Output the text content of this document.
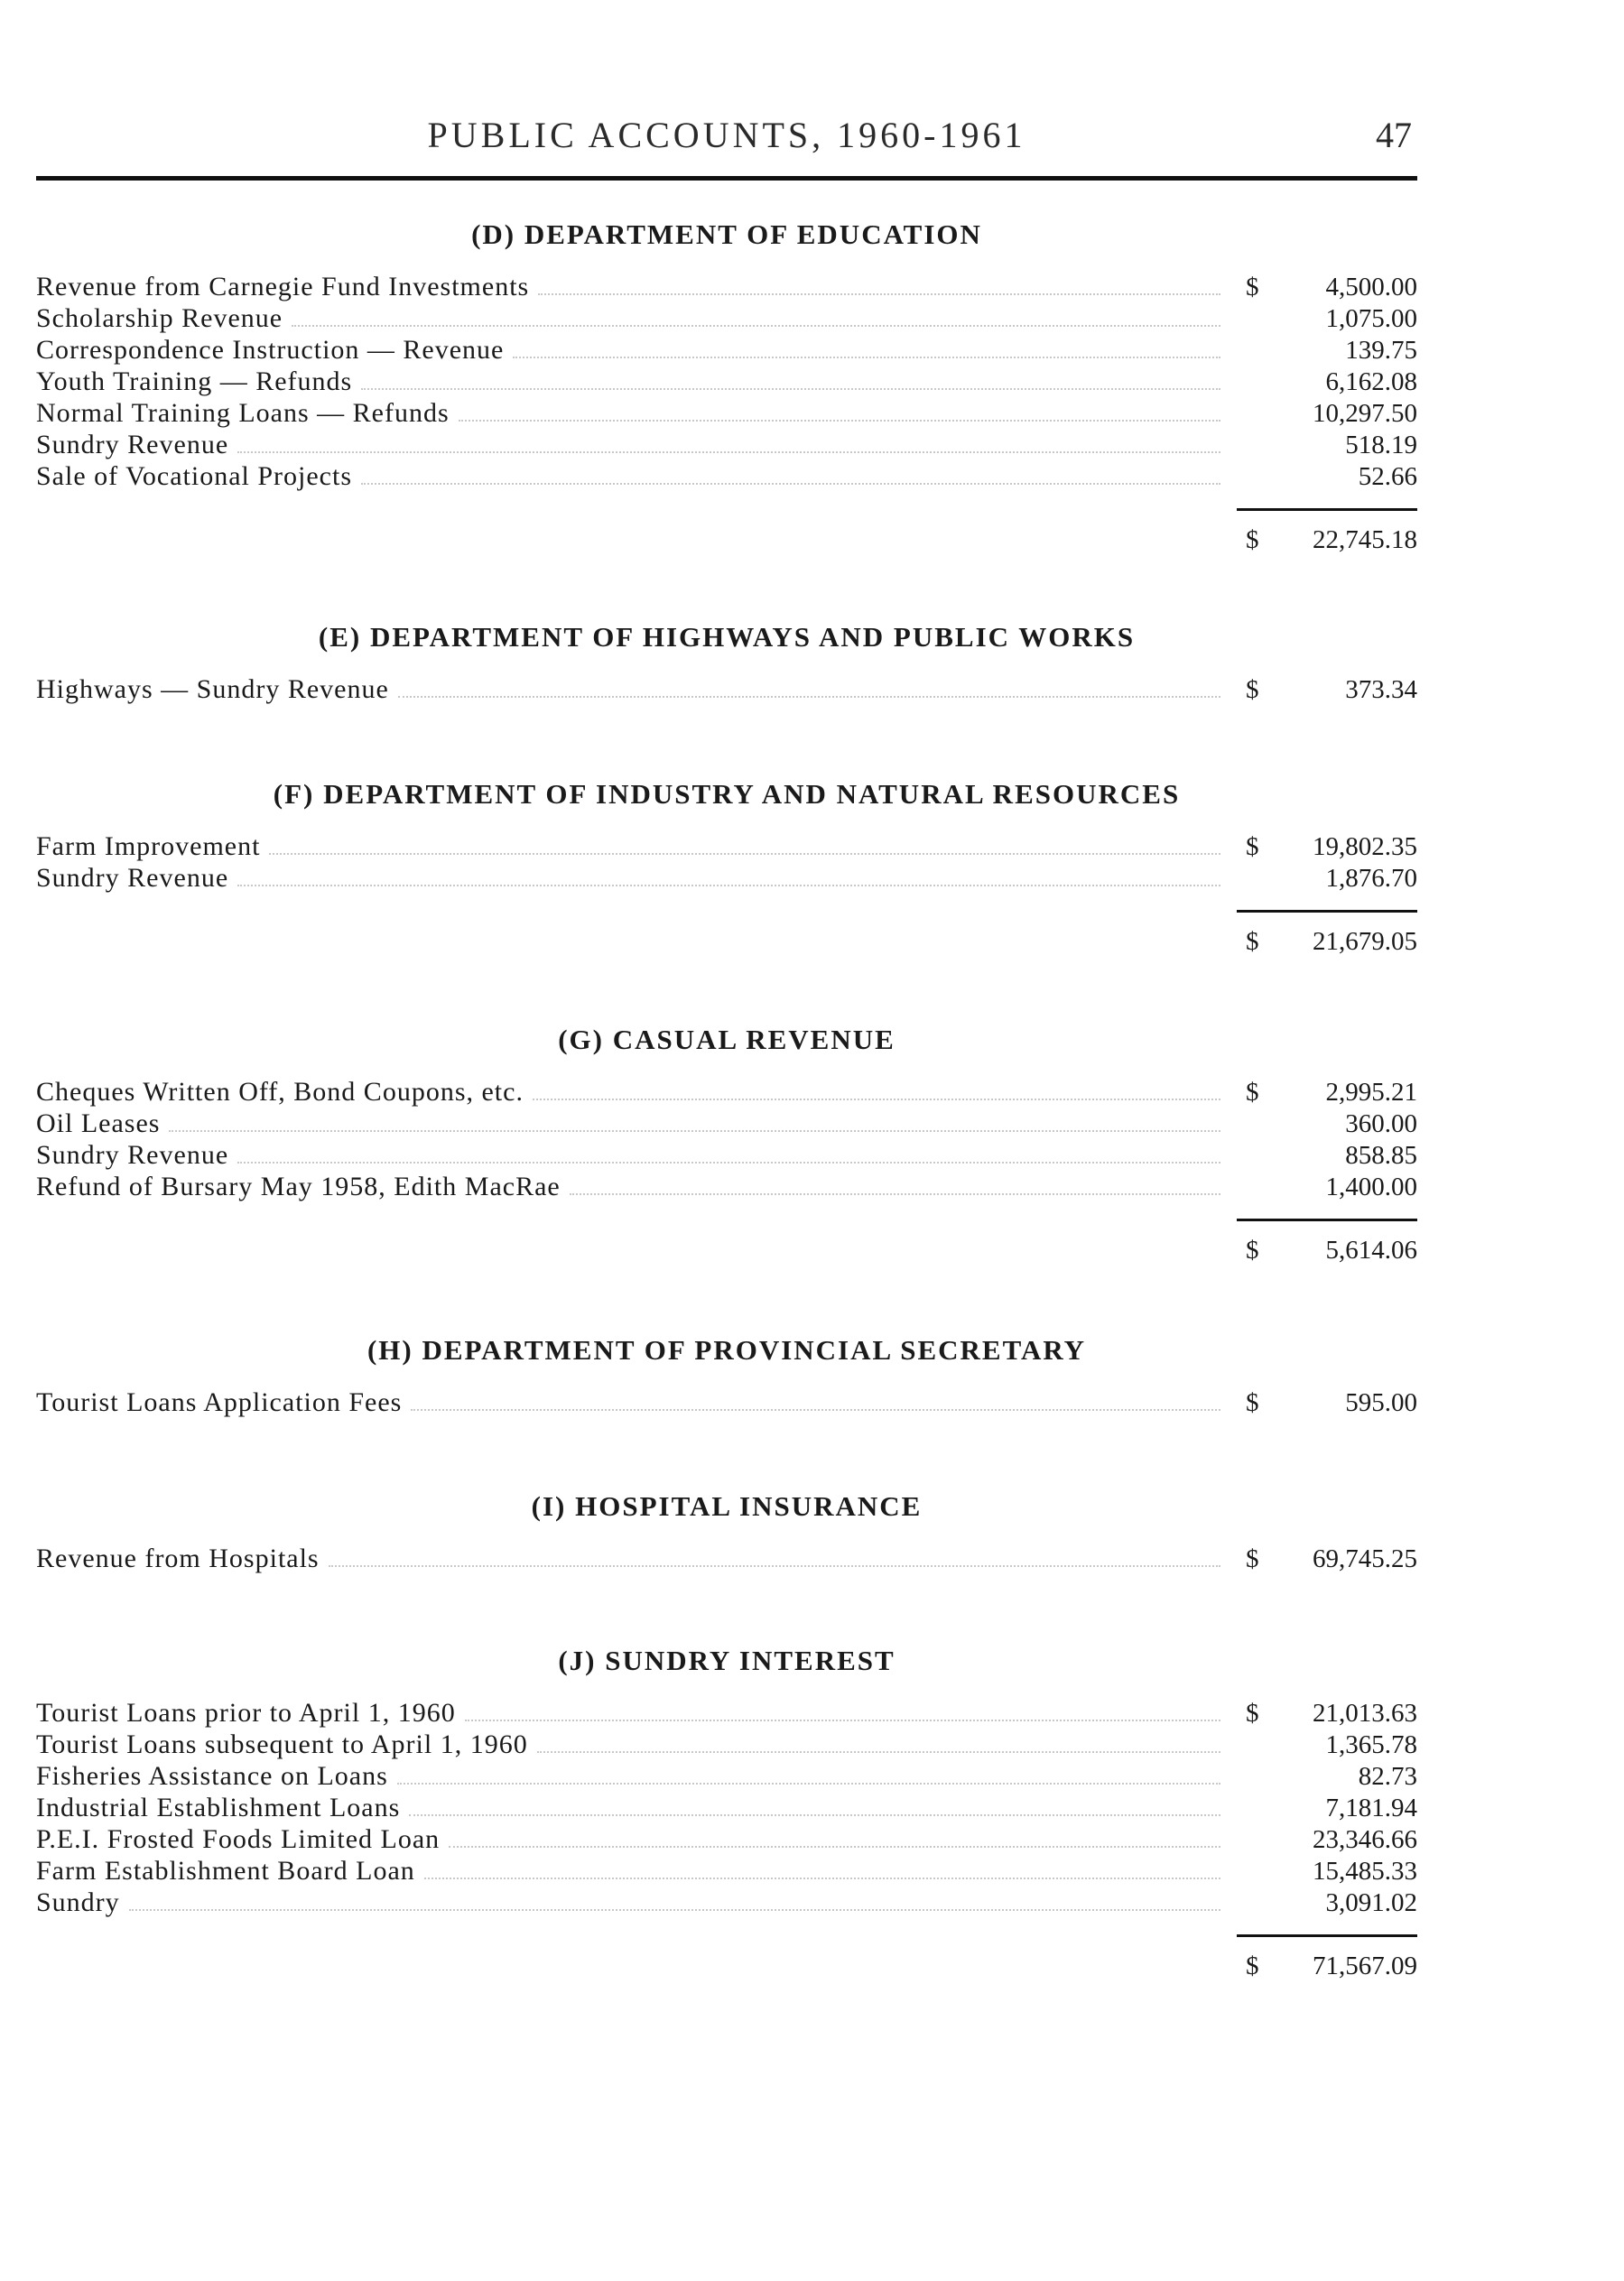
PUBLIC ACCOUNTS, 1960-1961	47
(D) DEPARTMENT OF EDUCATION
Revenue from Carnegie Fund Investments	$	4,500.00
Scholarship Revenue	1,075.00
Correspondence Instruction — Revenue	139.75
Youth Training — Refunds	6,162.08
Normal Training Loans — Refunds	10,297.50
Sundry Revenue	518.19
Sale of Vocational Projects	52.66
$	22,745.18
(E) DEPARTMENT OF HIGHWAYS AND PUBLIC WORKS
Highways — Sundry Revenue	$	373.34
(F) DEPARTMENT OF INDUSTRY AND NATURAL RESOURCES
Farm Improvement	$	19,802.35
Sundry Revenue	1,876.70
$	21,679.05
(G) CASUAL REVENUE
Cheques Written Off, Bond Coupons, etc.	$	2,995.21
Oil Leases	360.00
Sundry Revenue	858.85
Refund of Bursary May 1958, Edith MacRae	1,400.00
$	5,614.06
(H) DEPARTMENT OF PROVINCIAL SECRETARY
Tourist Loans Application Fees	$	595.00
(I) HOSPITAL INSURANCE
Revenue from Hospitals	$	69,745.25
(J) SUNDRY INTEREST
Tourist Loans prior to April 1, 1960	$	21,013.63
Tourist Loans subsequent to April 1, 1960	1,365.78
Fisheries Assistance on Loans	82.73
Industrial Establishment Loans	7,181.94
P.E.I. Frosted Foods Limited Loan	23,346.66
Farm Establishment Board Loan	15,485.33
Sundry	3,091.02
$	71,567.09
